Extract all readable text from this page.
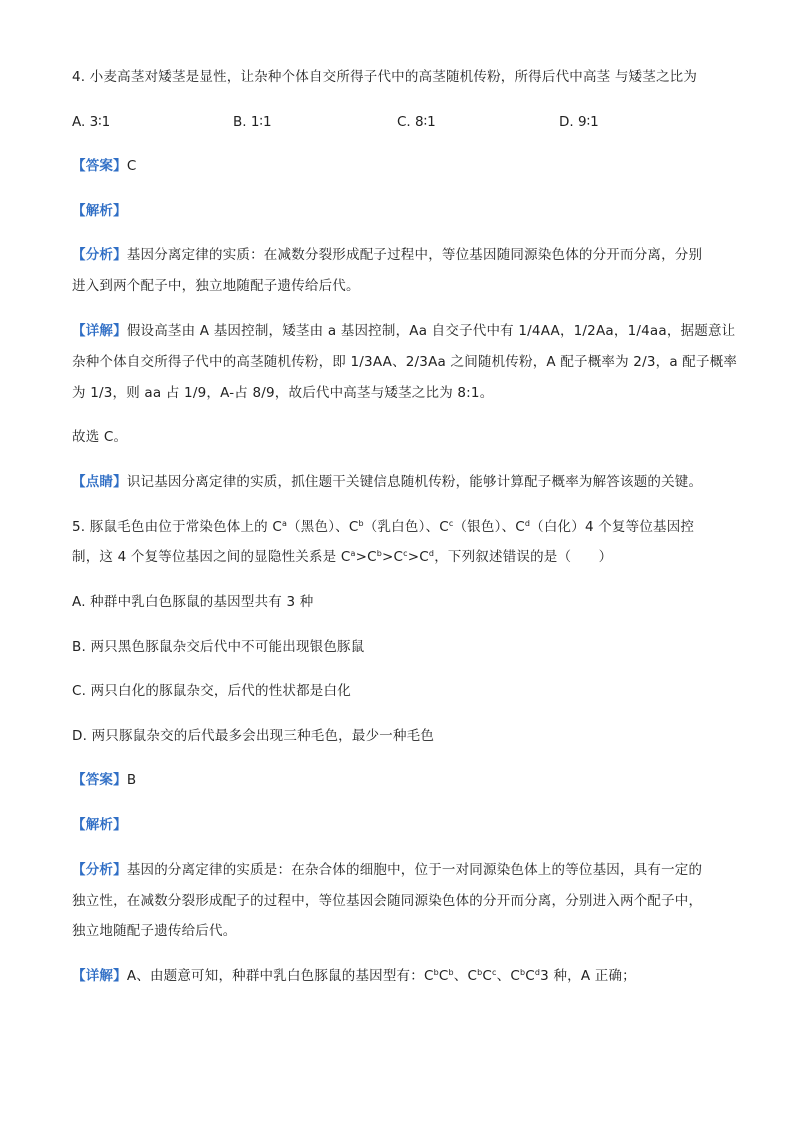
4. 小麦高茎对矮茎是显性，让杂种个体自交所得子代中的高茎随机传粉，所得后代中高茎 与矮茎之比为
A. 3∶1	B. 1∶1	C. 8∶1	D. 9∶1
【答案】C
【解析】
【分析】基因分离定律的实质：在减数分裂形成配子过程中，等位基因随同源染色体的分开而分离，分别
进入到两个配子中，独立地随配子遗传给后代。
【详解】假设高茎由 A 基因控制，矮茎由 a 基因控制，Aa 自交子代中有 1/4AA，1/2Aa，1/4aa，据题意让
杂种个体自交所得子代中的高茎随机传粉，即 1/3AA、2/3Aa 之间随机传粉，A 配子概率为 2/3，a 配子概率
为 1/3，则 aa 占 1/9，A-占 8/9，故后代中高茎与矮茎之比为 8:1。
故选 C。
【点睛】识记基因分离定律的实质，抓住题干关键信息随机传粉，能够计算配子概率为解答该题的关键。
5. 豚鼠毛色由位于常染色体上的 $C^a$（黑色）、$C^b$（乳白色）、$C^c$（银色）、$C^d$（白化）4 个复等位基因控
制，这 4 个复等位基因之间的显隐性关系是 $C^a>C^b>C^c>C^d$，下列叙述错误的是（　　）
A. 种群中乳白色豚鼠的基因型共有 3 种
B. 两只黑色豚鼠杂交后代中不可能出现银色豚鼠
C. 两只白化的豚鼠杂交，后代的性状都是白化
D. 两只豚鼠杂交的后代最多会出现三种毛色，最少一种毛色
【答案】B
【解析】
【分析】基因的分离定律的实质是：在杂合体的细胞中，位于一对同源染色体上的等位基因，具有一定的
独立性，在减数分裂形成配子的过程中，等位基因会随同源染色体的分开而分离，分别进入两个配子中，
独立地随配子遗传给后代。
【详解】A、由题意可知，种群中乳白色豚鼠的基因型有：$C^bC^b$、$C^bC^c$、$C^bC^d3$ 种，A 正确；
